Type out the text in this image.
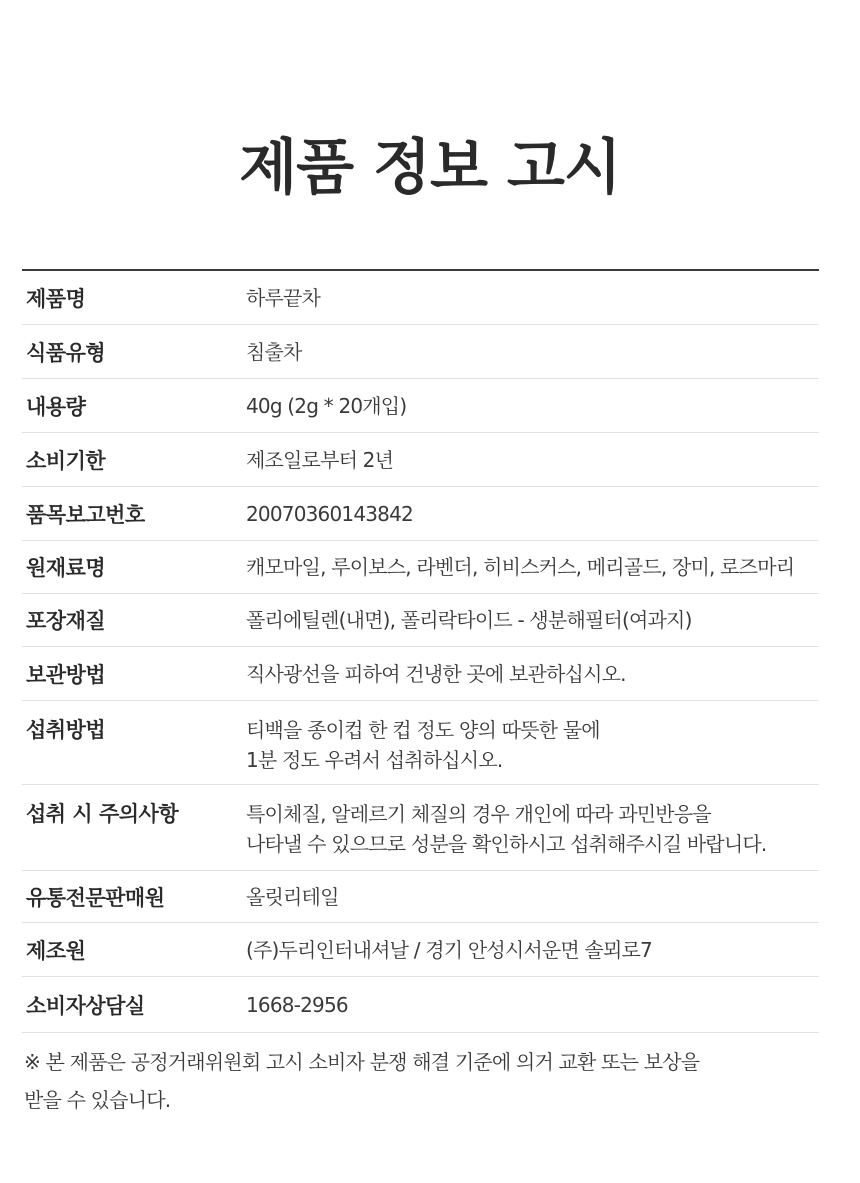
제품 정보 고시
제품명	하루끝차
식품유형	침출차
내용량	40g (2g * 20개입)
소비기한	제조일로부터 2년
품목보고번호	20070360143842
원재료명	캐모마일, 루이보스, 라벤더, 히비스커스, 메리골드, 장미, 로즈마리
포장재질	폴리에틸렌(내면), 폴리락타이드 - 생분해필터(여과지)
보관방법	직사광선을 피하여 건냉한 곳에 보관하십시오.
섭취방법	티백을 종이컵 한 컵 정도 양의 따뜻한 물에
1분 정도 우려서 섭취하십시오.
섭취 시 주의사항	특이체질, 알레르기 체질의 경우 개인에 따라 과민반응을
나타낼 수 있으므로 성분을 확인하시고 섭취해주시길 바랍니다.
유통전문판매원	올릿리테일
제조원	(주)두리인터내셔날 / 경기 안성시서운면 솔뫼로7
소비자상담실	1668-2956
※ 본 제품은 공정거래위원회 고시 소비자 분쟁 해결 기준에 의거 교환 또는 보상을
받을 수 있습니다.
